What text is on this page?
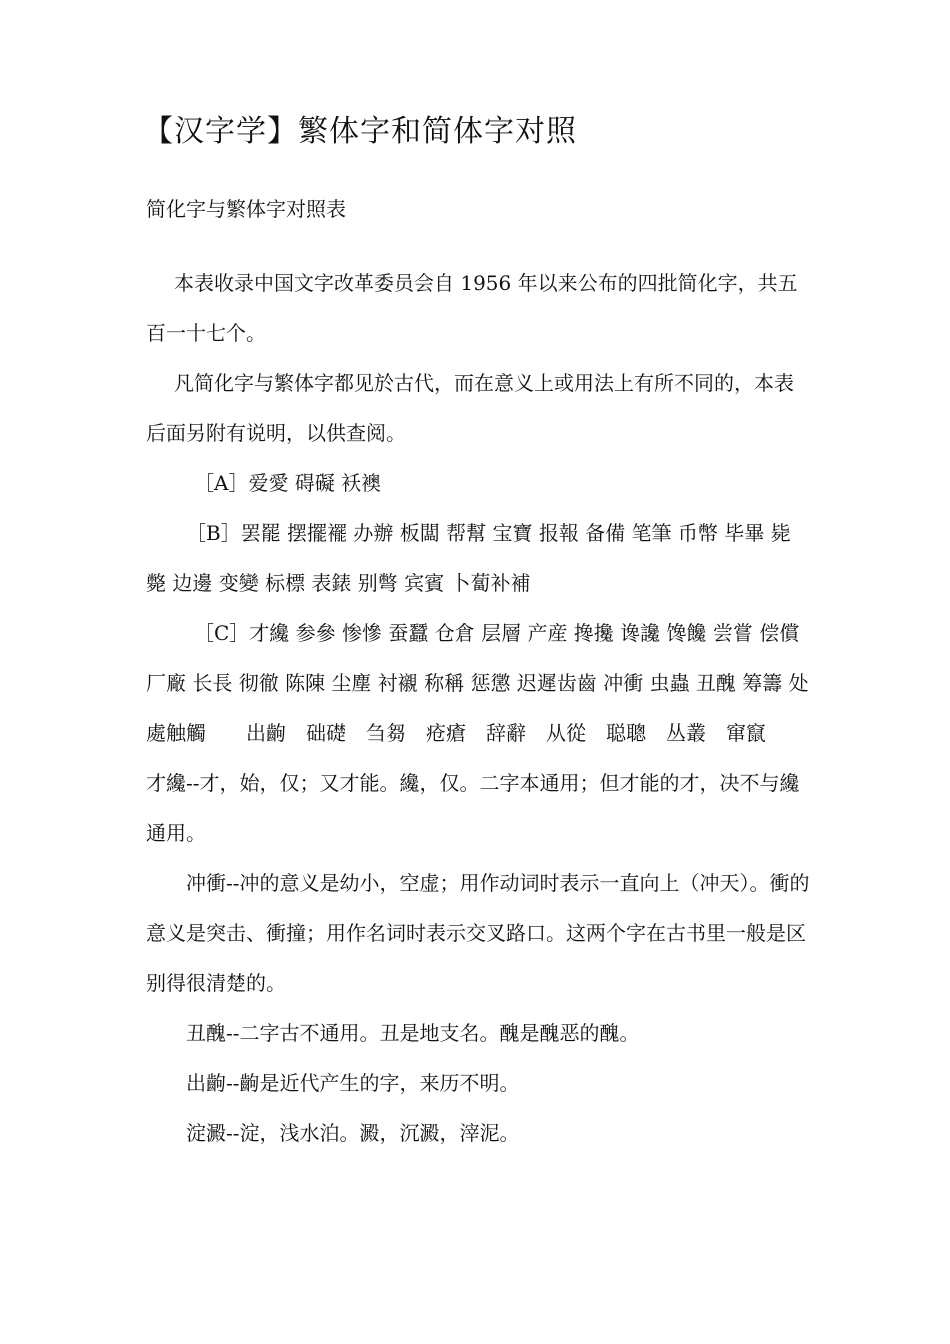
【汉字学】繁体字和简体字对照
简化字与繁体字对照表

本表收录中国文字改革委员会自 1956 年以来公布的四批简化字，共五百一十七个。

凡简化字与繁体字都见於古代，而在意义上或用法上有所不同的，本表后面另附有说明，以供查阅。

［A］爱愛 碍礙 袄襖

［B］罢罷 摆擺襬 办辦 板闆 帮幫 宝寶 报報 备備 笔筆 币幣 毕畢 毙斃 边邊 变變 标標 表錶 别彆 宾賓 卜蔔补補

［C］才纔 参參 惨慘 蚕蠶 仓倉 层層 产産 搀攙 谗讒 馋饞 尝嘗 偿償 厂廠 长長 彻徹 陈陳 尘塵 衬襯 称稱 惩懲 迟遲齿齒 冲衝 虫蟲 丑醜 筹籌 处處触觸　　出齣　础礎　刍芻　疮瘡　辞辭　从從　聪聰　丛叢　窜竄

才纔--才，始，仅；又才能。纔，仅。二字本通用；但才能的才，决不与纔通用。

冲衝--冲的意义是幼小，空虚；用作动词时表示一直向上（冲天）。衝的意义是突击、衝撞；用作名词时表示交叉路口。这两个字在古书里一般是区别得很清楚的。

丑醜--二字古不通用。丑是地支名。醜是醜恶的醜。

出齣--齣是近代产生的字，来历不明。

淀澱--淀，浅水泊。澱，沉澱，滓泥。
